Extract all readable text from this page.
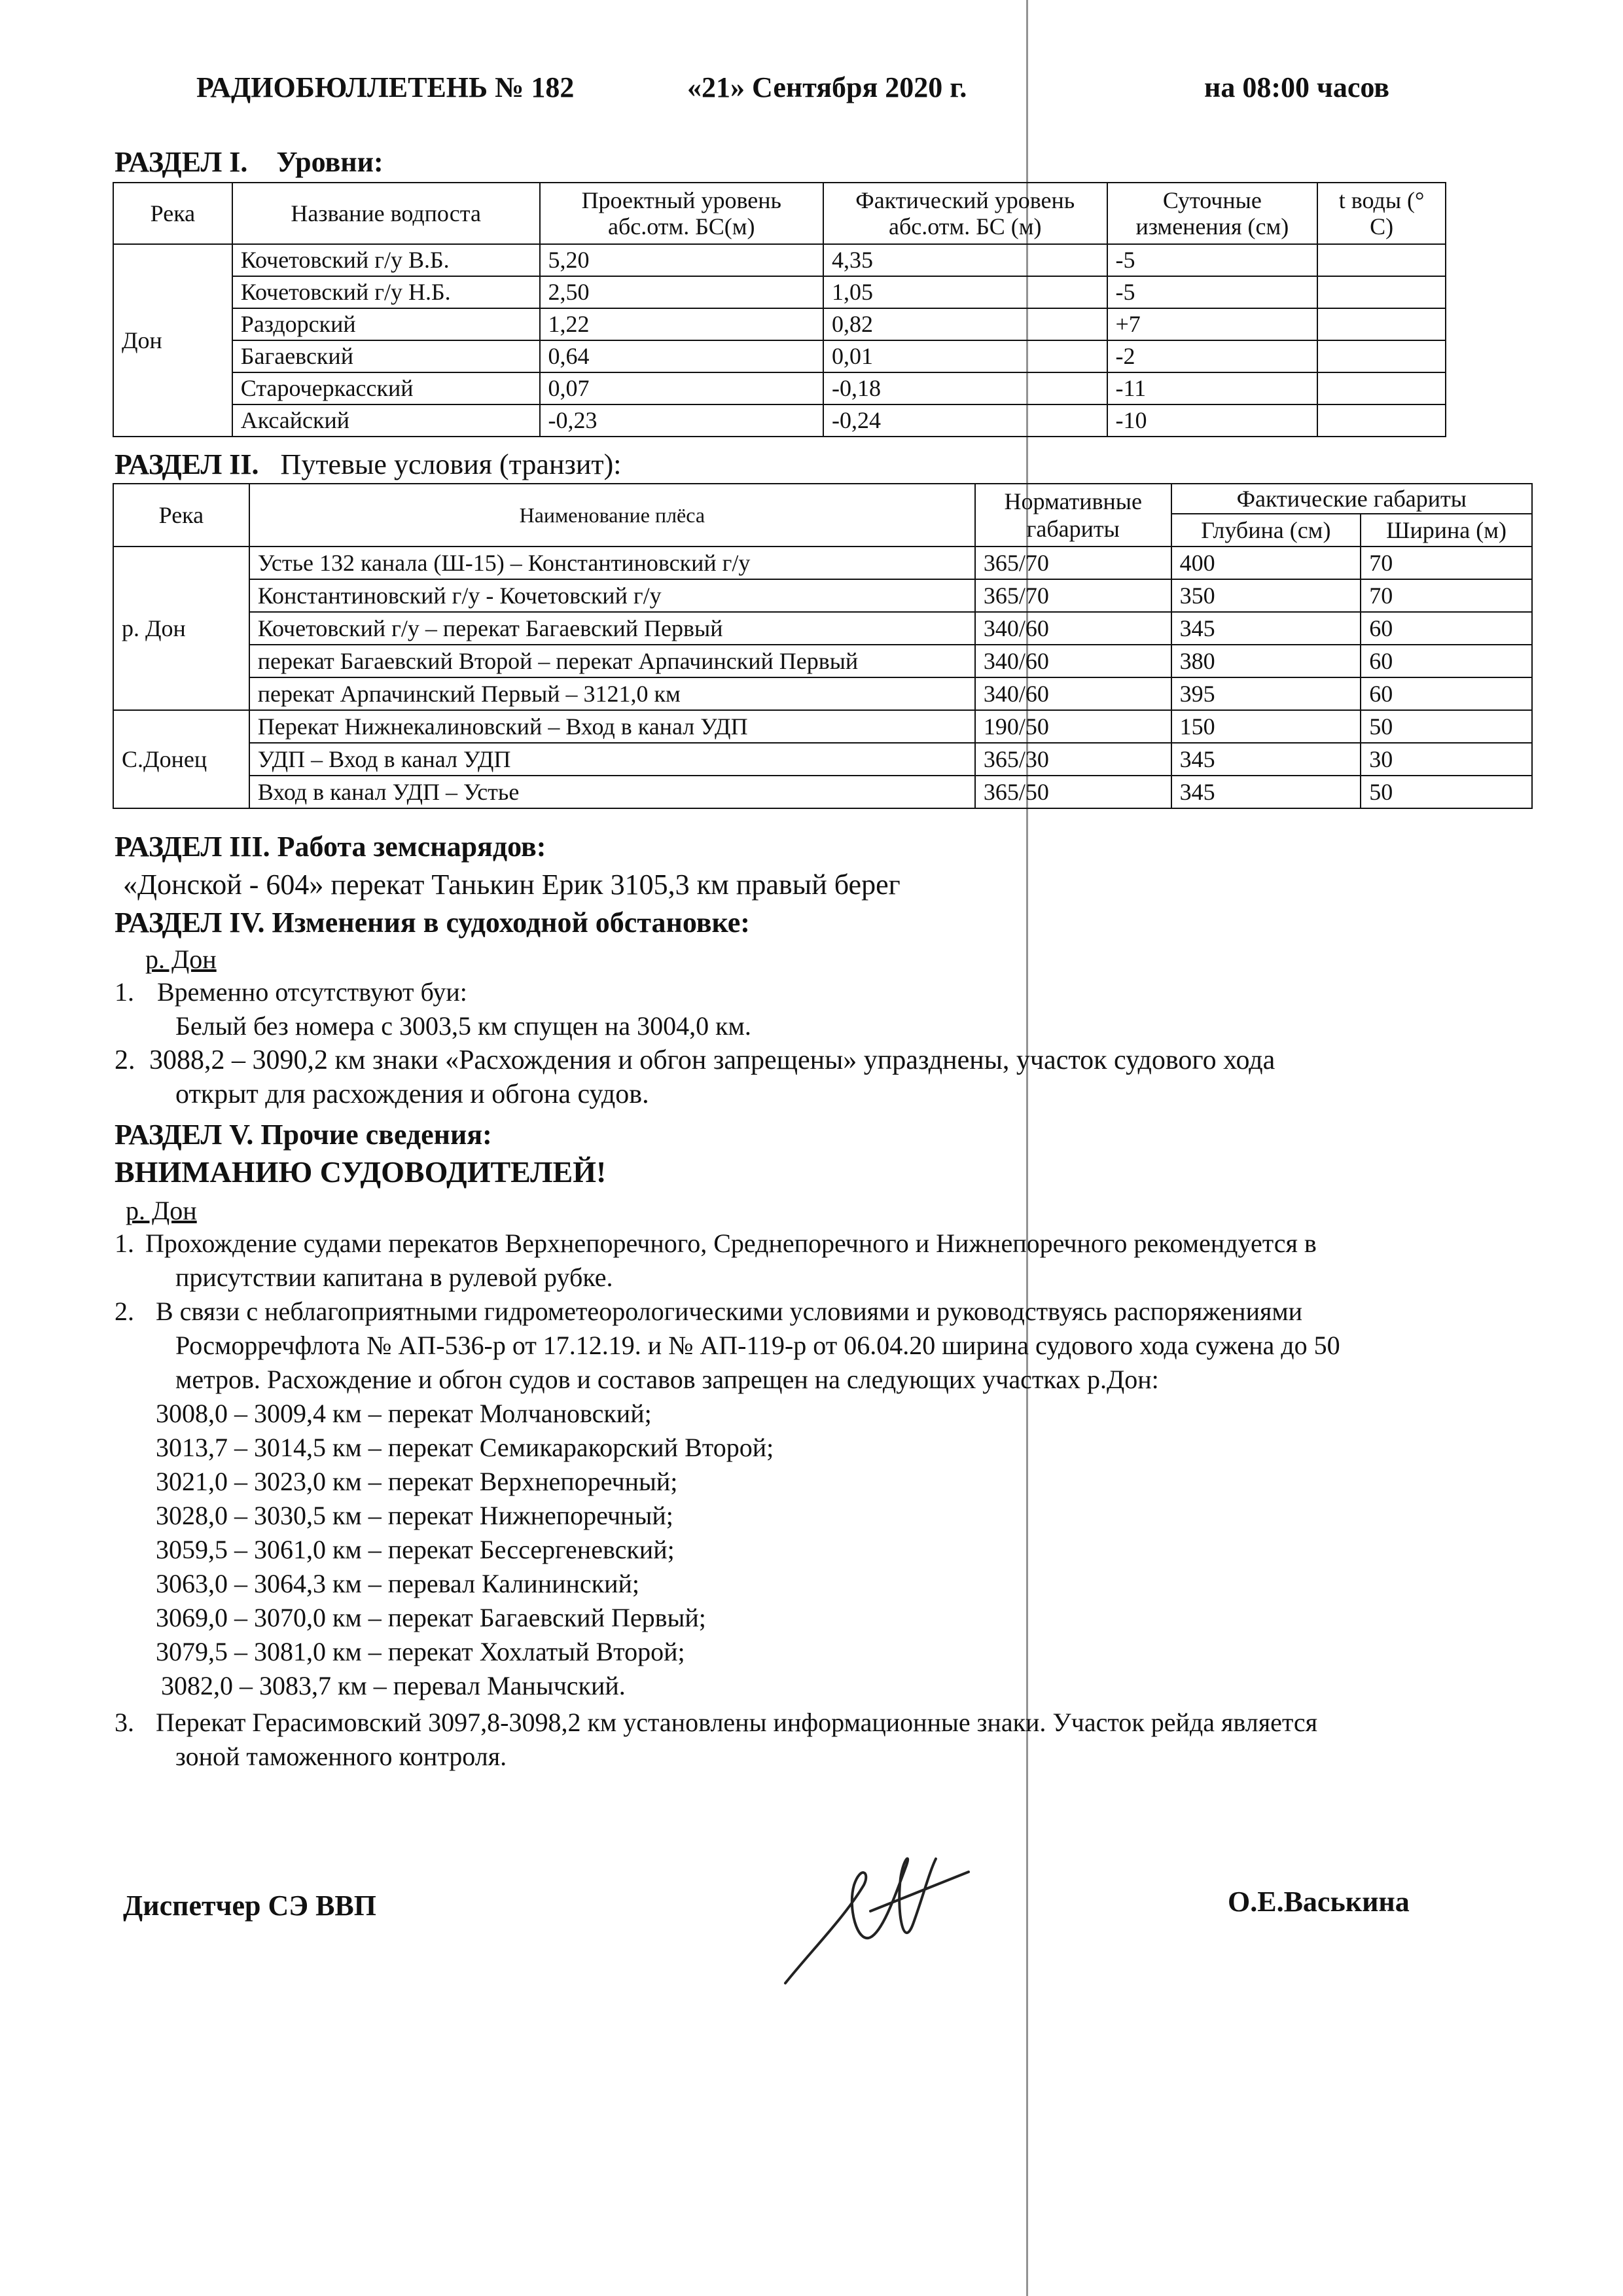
РАДИОБЮЛЛЕТЕНЬ № 182	«21» Сентября 2020 г.	на 08:00 часов
РАЗДЕЛ I. Уровни:
Река	Название водпоста	Проектный уровень абс.отм. БС(м)	Фактический уровень абс.отм. БС (м)	Суточные изменения (см)	t воды (° С)
Дон	Кочетовский г/у В.Б.	5,20	4,35	-5	
	Кочетовский г/у Н.Б.	2,50	1,05	-5	
	Раздорский	1,22	0,82	+7	
	Багаевский	0,64	0,01	-2	
	Старочеркасский	0,07	-0,18	-11	
	Аксайский	-0,23	-0,24	-10	
РАЗДЕЛ II. Путевые условия (транзит):
Река	Наименование плёса	Нормативные габариты	Фактические габариты	
			Глубина (см)	Ширина (м)
р. Дон	Устье 132 канала (Ш-15) – Константиновский г/у	365/70	400	70
	Константиновский г/у - Кочетовский г/у	365/70	350	70
	Кочетовский г/у – перекат Багаевский Первый	340/60	345	60
	перекат Багаевский Второй – перекат Арпачинский Первый	340/60	380	60
	перекат Арпачинский Первый – 3121,0 км	340/60	395	60
С.Донец	Перекат Нижнекалиновский – Вход в канал УДП	190/50	150	50
	УДП – Вход в канал УДП	365/30	345	30
	Вход в канал УДП – Устье	365/50	345	50
РАЗДЕЛ III. Работа земснарядов:
«Донской - 604» перекат Танькин Ерик 3105,3 км правый берег
РАЗДЕЛ IV. Изменения в судоходной обстановке:
р. Дон
1. Временно отсутствуют буи:
Белый без номера с 3003,5 км спущен на 3004,0 км.
2. 3088,2 – 3090,2 км знаки «Расхождения и обгон запрещены» упразднены, участок судового хода
открыт для расхождения и обгона судов.
РАЗДЕЛ V. Прочие сведения:
ВНИМАНИЮ СУДОВОДИТЕЛЕЙ!
р. Дон
1. Прохождение судами перекатов Верхнепоречного, Среднепоречного и Нижнепоречного рекомендуется в
присутствии капитана в рулевой рубке.
2. В связи с неблагоприятными гидрометеорологическими условиями и руководствуясь распоряжениями
Росморречфлота № АП-536-р от 17.12.19. и № АП-119-р от 06.04.20 ширина судового хода сужена до 50
метров. Расхождение и обгон судов и составов запрещен на следующих участках р.Дон:
3008,0 – 3009,4 км – перекат Молчановский;
3013,7 – 3014,5 км – перекат Семикаракорский Второй;
3021,0 – 3023,0 км – перекат Верхнепоречный;
3028,0 – 3030,5 км – перекат Нижнепоречный;
3059,5 – 3061,0 км – перекат Бессергеневский;
3063,0 – 3064,3 км – перевал Калининский;
3069,0 – 3070,0 км – перекат Багаевский Первый;
3079,5 – 3081,0 км – перекат Хохлатый Второй;
3082,0 – 3083,7 км – перевал Манычский.
3. Перекат Герасимовский 3097,8-3098,2 км установлены информационные знаки. Участок рейда является
зоной таможенного контроля.
Диспетчер СЭ ВВП	О.Е.Васькина
